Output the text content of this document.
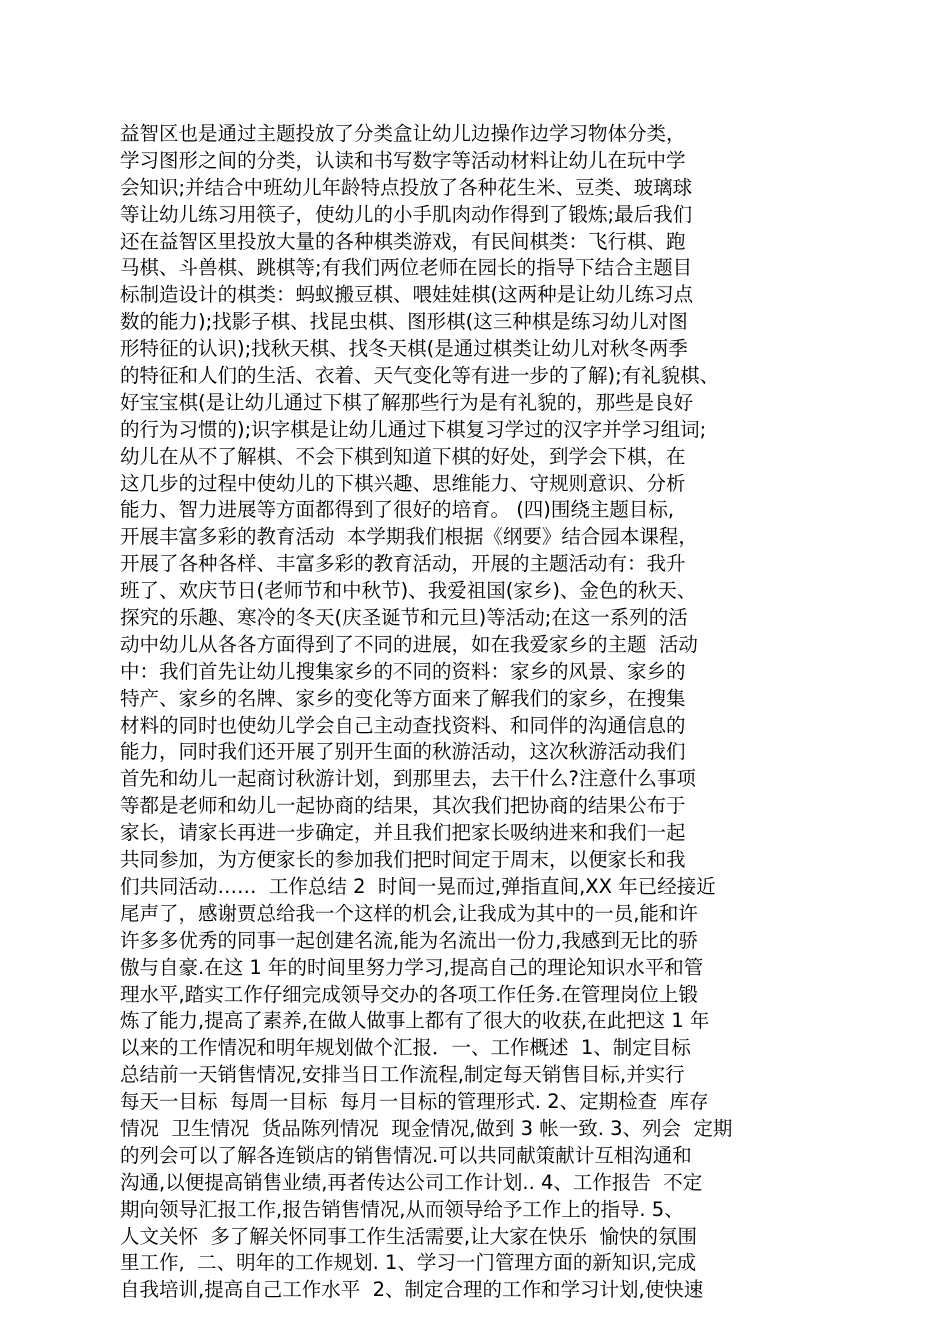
益智区也是通过主题投放了分类盒让幼儿边操作边学习物体分类，
学习图形之间的分类，认读和书写数字等活动材料让幼儿在玩中学
会知识;并结合中班幼儿年龄特点投放了各种花生米、豆类、玻璃球
等让幼儿练习用筷子，使幼儿的小手肌肉动作得到了锻炼;最后我们
还在益智区里投放大量的各种棋类游戏，有民间棋类：飞行棋、跑
马棋、斗兽棋、跳棋等;有我们两位老师在园长的指导下结合主题目
标制造设计的棋类：蚂蚁搬豆棋、喂娃娃棋(这两种是让幼儿练习点
数的能力);找影子棋、找昆虫棋、图形棋(这三种棋是练习幼儿对图
形特征的认识);找秋天棋、找冬天棋(是通过棋类让幼儿对秋冬两季
的特征和人们的生活、衣着、天气变化等有进一步的了解);有礼貌棋、
好宝宝棋(是让幼儿通过下棋了解那些行为是有礼貌的，那些是良好
的行为习惯的);识字棋是让幼儿通过下棋复习学过的汉字并学习组词;
幼儿在从不了解棋、不会下棋到知道下棋的好处，到学会下棋，在
这几步的过程中使幼儿的下棋兴趣、思维能力、守规则意识、分析
能力、智力进展等方面都得到了很好的培育。 (四)围绕主题目标,
开展丰富多彩的教育活动  本学期我们根据《纲要》结合园本课程，
开展了各种各样、丰富多彩的教育活动，开展的主题活动有：我升
班了、欢庆节日(老师节和中秋节)、我爱祖国(家乡)、金色的秋天、
探究的乐趣、寒冷的冬天(庆圣诞节和元旦)等活动;在这一系列的活
动中幼儿从各各方面得到了不同的进展，如在我爱家乡的主题  活动
中：我们首先让幼儿搜集家乡的不同的资料：家乡的风景、家乡的
特产、家乡的名牌、家乡的变化等方面来了解我们的家乡，在搜集
材料的同时也使幼儿学会自己主动查找资料、和同伴的沟通信息的
能力，同时我们还开展了别开生面的秋游活动，这次秋游活动我们
首先和幼儿一起商讨秋游计划，到那里去，去干什么?注意什么事项
等都是老师和幼儿一起协商的结果，其次我们把协商的结果公布于
家长，请家长再进一步确定，并且我们把家长吸纳进来和我们一起
共同参加，为方便家长的参加我们把时间定于周末，以便家长和我
们共同活动……  工作总结 2  时间一晃而过,弹指直间,XX 年已经接近
尾声了，感谢贾总给我一个这样的机会,让我成为其中的一员,能和许
许多多优秀的同事一起创建名流,能为名流出一份力,我感到无比的骄
傲与自豪.在这 1 年的时间里努力学习,提高自己的理论知识水平和管
理水平,踏实工作仔细完成领导交办的各项工作任务.在管理岗位上锻
炼了能力,提高了素养,在做人做事上都有了很大的收获,在此把这 1 年
以来的工作情况和明年规划做个汇报．一、工作概述  1、制定目标
总结前一天销售情况,安排当日工作流程,制定每天销售目标,并实行
每天一目标  每周一目标  每月一目标的管理形式. 2、定期检查  库存
情况  卫生情况  货品陈列情况  现金情况,做到 3 帐一致. 3、列会  定期
的列会可以了解各连锁店的销售情况.可以共同献策献计互相沟通和
沟通,以便提高销售业绩,再者传达公司工作计划.. 4、工作报告  不定
期向领导汇报工作,报告销售情况,从而领导给予工作上的指导. 5、
人文关怀  多了解关怀同事工作生活需要,让大家在快乐  愉快的氛围
里工作,  二、明年的工作规划. 1、学习一门管理方面的新知识,完成
自我培训,提高自己工作水平  2、制定合理的工作和学习计划,使快速
